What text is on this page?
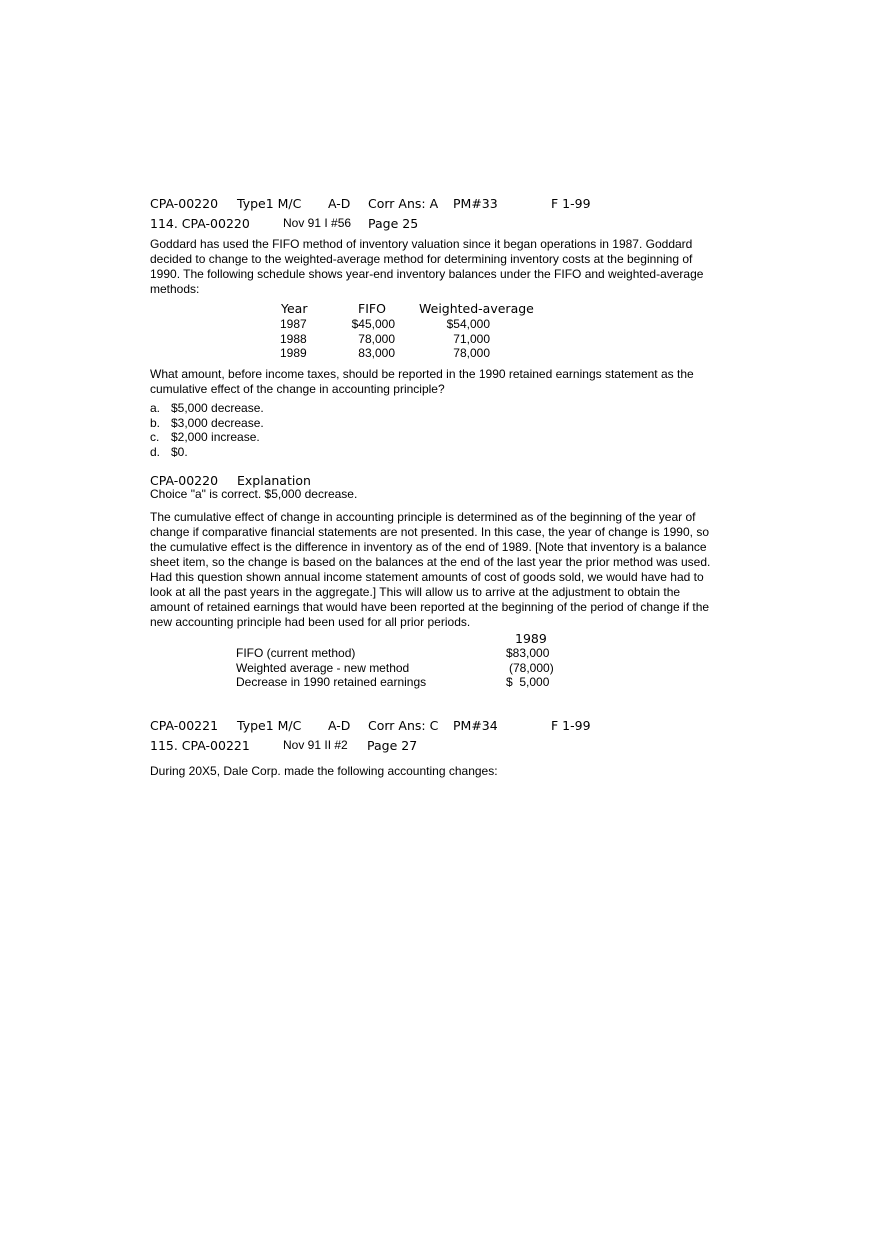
CPA-00220 Type1 M/C A-D Corr Ans: A PM#33	F 1-99
114. CPA-00220	Nov 91 I #56 Page 25
Goddard has used the FIFO method of inventory valuation since it began operations in 1987. Goddard decided to change to the weighted-average method for determining inventory costs at the beginning of 1990. The following schedule shows year-end inventory balances under the FIFO and weighted-average methods:
Year	FIFO	Weighted-average
1987	$45,000	$54,000
1988	78,000	71,000
1989	83,000	78,000
What amount, before income taxes, should be reported in the 1990 retained earnings statement as the cumulative effect of the change in accounting principle?
a. $5,000 decrease.
b. $3,000 decrease.
c. $2,000 increase.
d. $0.
CPA-00220 Explanation
Choice "a" is correct. $5,000 decrease.
The cumulative effect of change in accounting principle is determined as of the beginning of the year of change if comparative financial statements are not presented. In this case, the year of change is 1990, so the cumulative effect is the difference in inventory as of the end of 1989. [Note that inventory is a balance sheet item, so the change is based on the balances at the end of the last year the prior method was used. Had this question shown annual income statement amounts of cost of goods sold, we would have had to look at all the past years in the aggregate.] This will allow us to arrive at the adjustment to obtain the amount of retained earnings that would have been reported at the beginning of the period of change if the new accounting principle had been used for all prior periods.
1989
FIFO (current method)	$83,000
Weighted average - new method	(78,000)
Decrease in 1990 retained earnings	$  5,000
CPA-00221 Type1 M/C A-D Corr Ans: C PM#34	F 1-99
115. CPA-00221	Nov 91 II #2 Page 27
During 20X5, Dale Corp. made the following accounting changes:
